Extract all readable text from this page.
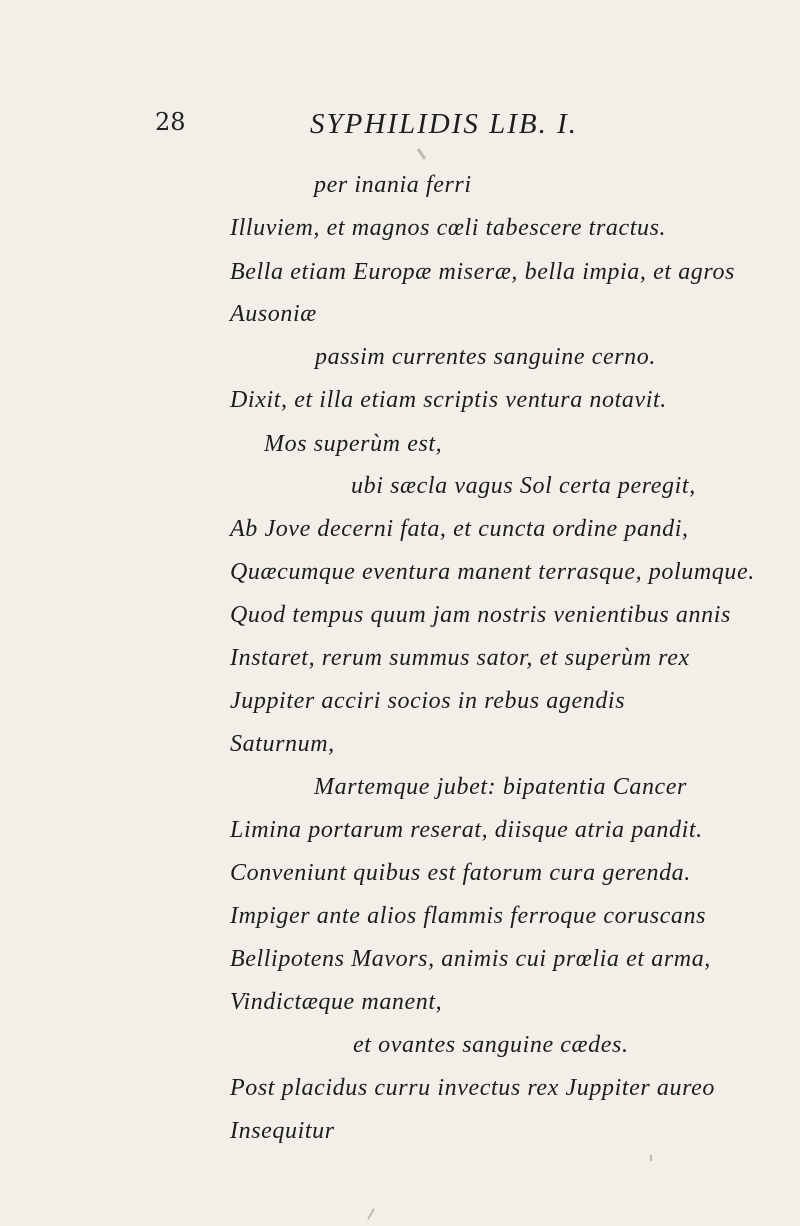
28	SYPHILIDIS LIB. I.
per inania ferri
Illuviem, et magnos cœli tabescere tractus.
Bella etiam Europæ miseræ, bella impia, et agros
Ausoniæ
passim currentes sanguine cerno.
Dixit, et illa etiam scriptis ventura notavit.
Mos superùm est,
ubi sæcla vagus Sol certa peregit,
Ab Jove decerni fata, et cuncta ordine pandi,
Quæcumque eventura manent terrasque, polumque.
Quod tempus quum jam nostris venientibus annis
Instaret, rerum summus sator, et superùm rex
Juppiter acciri socios in rebus agendis
Saturnum,
Martemque jubet: bipatentia Cancer
Limina portarum reserat, diisque atria pandit.
Conveniunt quibus est fatorum cura gerenda.
Impiger ante alios flammis ferroque coruscans
Bellipotens Mavors, animis cui prœlia et arma,
Vindictæque manent,
et ovantes sanguine cædes.
Post placidus curru invectus rex Juppiter aureo
Insequitur
